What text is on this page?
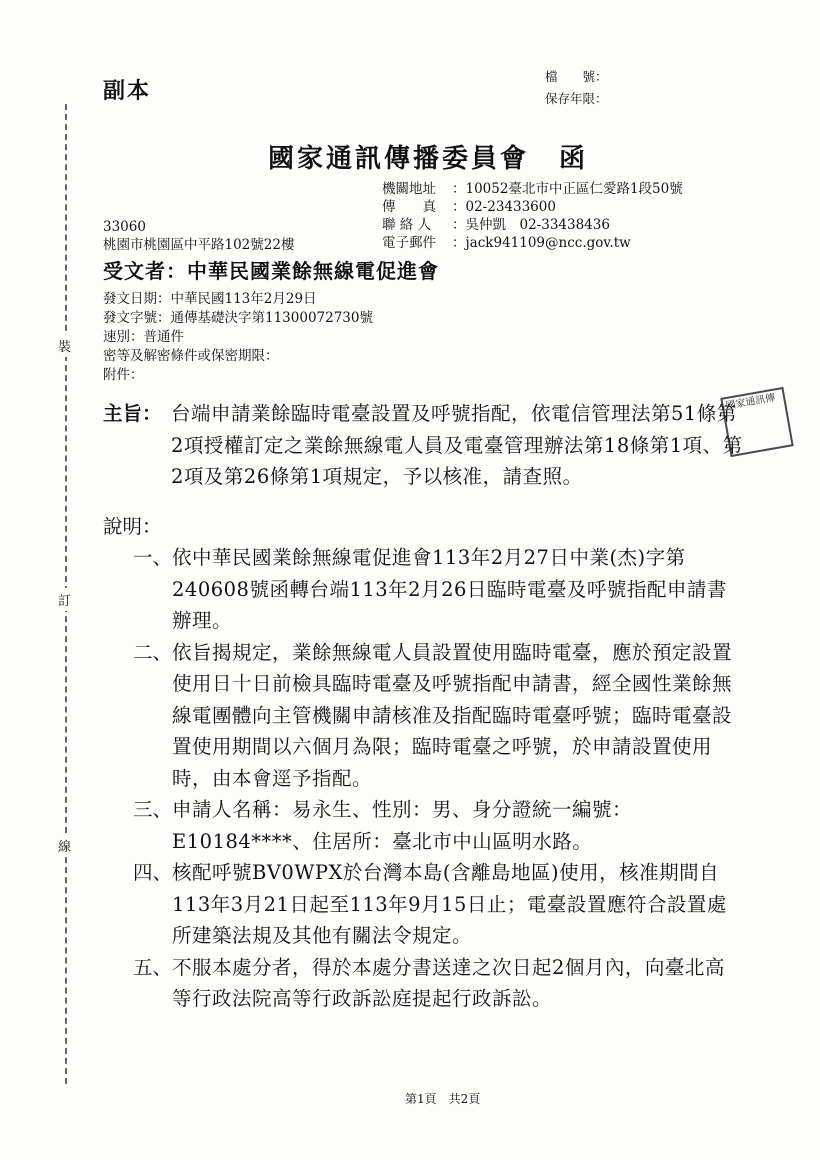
裝
訂
線
副本
檔　　號：
保存年限：
國家通訊傳播委員會 函
機關地址 ：10052臺北市中正區仁愛路1段50號
傳　　真 ：02-23433600
聯 絡 人 ：吳仲凱　02-33438436
電子郵件 ：jack941109@ncc.gov.tw
33060
桃園市桃園區中平路102號22樓
受文者：中華民國業餘無線電促進會
發文日期：中華民國113年2月29日
發文字號：通傳基礎決字第11300072730號
速別：普通件
密等及解密條件或保密期限：
附件：
國家通訊傳
主旨： 台端申請業餘臨時電臺設置及呼號指配，依電信管理法第51條第2項授權訂定之業餘無線電人員及電臺管理辦法第18條第1項、第2項及第26條第1項規定，予以核准，請查照。
說明：
一、 依中華民國業餘無線電促進會113年2月27日中業(杰)字第240608號函轉台端113年2月26日臨時電臺及呼號指配申請書辦理。
二、 依旨揭規定，業餘無線電人員設置使用臨時電臺，應於預定設置使用日十日前檢具臨時電臺及呼號指配申請書，經全國性業餘無線電團體向主管機關申請核准及指配臨時電臺呼號；臨時電臺設置使用期間以六個月為限；臨時電臺之呼號，於申請設置使用時，由本會逕予指配。
三、 申請人名稱：易永生、性別：男、身分證統一編號：E10184****、住居所：臺北市中山區明水路。
四、 核配呼號BV0WPX於台灣本島(含離島地區)使用，核准期間自113年3月21日起至113年9月15日止；電臺設置應符合設置處所建築法規及其他有關法令規定。
五、 不服本處分者，得於本處分書送達之次日起2個月內，向臺北高等行政法院高等行政訴訟庭提起行政訴訟。
第1頁　共2頁
